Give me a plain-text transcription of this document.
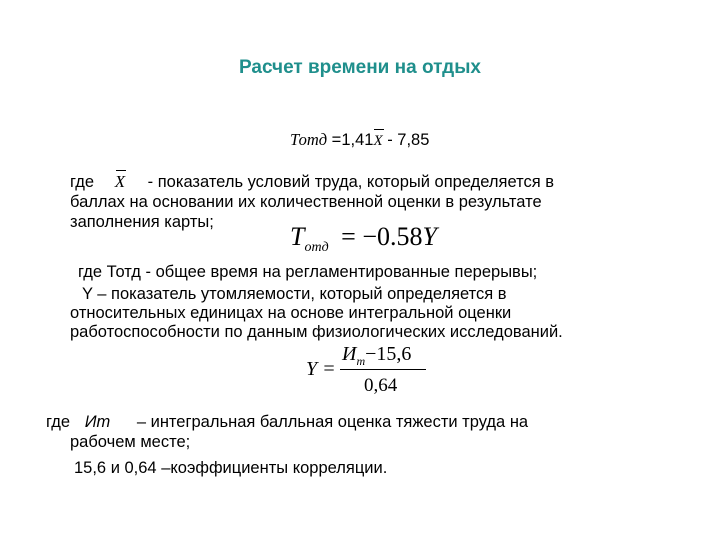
Расчет времени на отдых
Тотд =1,41X - 7,85
где X - показатель условий труда, который определяется в
баллах на основании их количественной оценки в результате
заполнения карты;	$T_{отд} = -0.58Y$
где Тотд - общее время на регламентированные перерывы;
Y – показатель утомляемости, который определяется в
относительных единицах на основе интегральной оценки
работоспособности по данным физиологических исследований.
Y =
$И_т-15,6$
0,64
где Ит – интегральная балльная оценка тяжести труда на
рабочем месте;
15,6 и 0,64 –коэффициенты корреляции.
